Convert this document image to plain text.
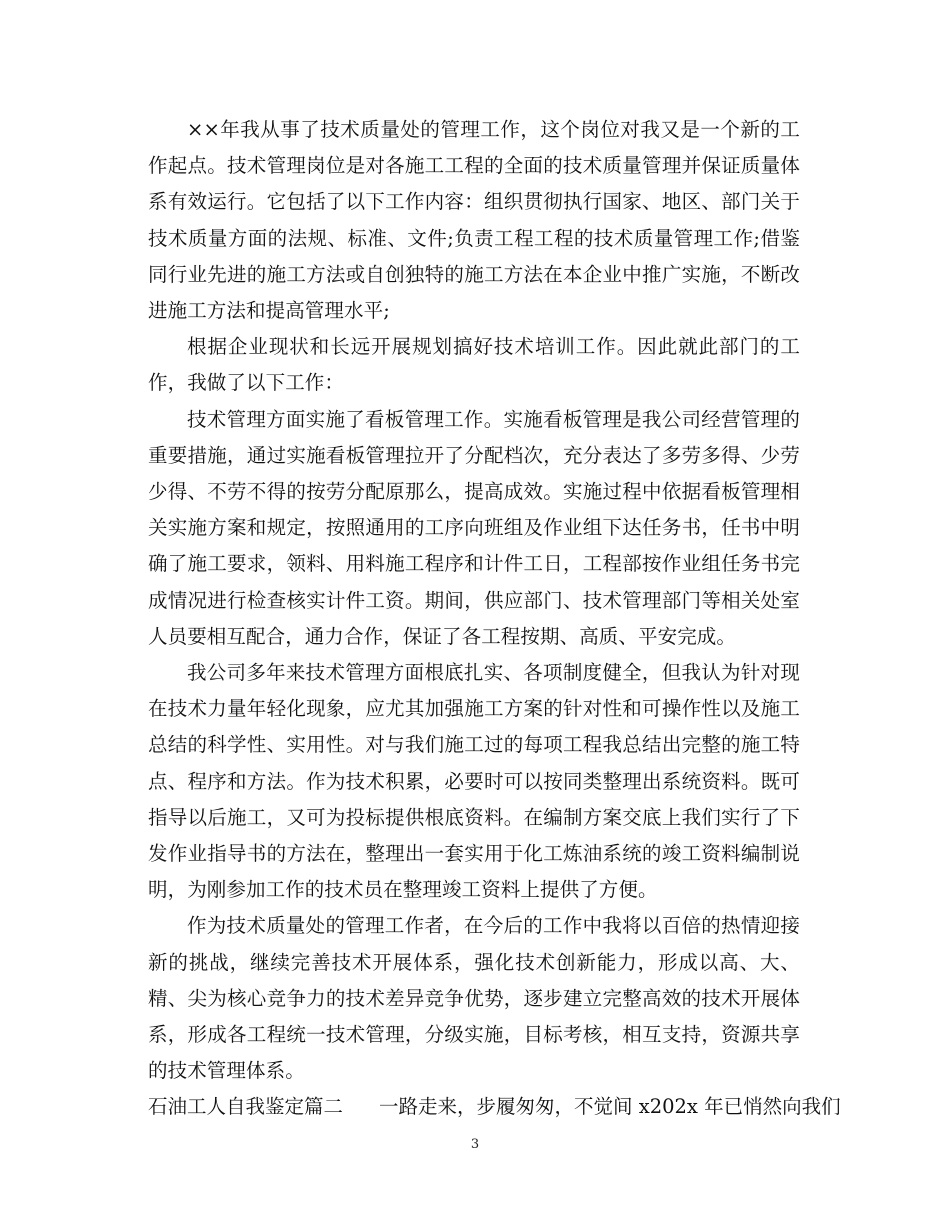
××年我从事了技术质量处的管理工作，这个岗位对我又是一个新的工作起点。技术管理岗位是对各施工工程的全面的技术质量管理并保证质量体系有效运行。它包括了以下工作内容：组织贯彻执行国家、地区、部门关于技术质量方面的法规、标准、文件;负责工程工程的技术质量管理工作;借鉴同行业先进的施工方法或自创独特的施工方法在本企业中推广实施，不断改进施工方法和提高管理水平;

根据企业现状和长远开展规划搞好技术培训工作。因此就此部门的工作，我做了以下工作：

技术管理方面实施了看板管理工作。实施看板管理是我公司经营管理的重要措施，通过实施看板管理拉开了分配档次，充分表达了多劳多得、少劳少得、不劳不得的按劳分配原那么，提高成效。实施过程中依据看板管理相关实施方案和规定，按照通用的工序向班组及作业组下达任务书，任书中明确了施工要求，领料、用料施工程序和计件工日，工程部按作业组任务书完成情况进行检查核实计件工资。期间，供应部门、技术管理部门等相关处室人员要相互配合，通力合作，保证了各工程按期、高质、平安完成。

我公司多年来技术管理方面根底扎实、各项制度健全，但我认为针对现在技术力量年轻化现象，应尤其加强施工方案的针对性和可操作性以及施工总结的科学性、实用性。对与我们施工过的每项工程我总结出完整的施工特点、程序和方法。作为技术积累，必要时可以按同类整理出系统资料。既可指导以后施工，又可为投标提供根底资料。在编制方案交底上我们实行了下发作业指导书的方法在，整理出一套实用于化工炼油系统的竣工资料编制说明，为刚参加工作的技术员在整理竣工资料上提供了方便。

作为技术质量处的管理工作者，在今后的工作中我将以百倍的热情迎接新的挑战，继续完善技术开展体系，强化技术创新能力，形成以高、大、精、尖为核心竞争力的技术差异竞争优势，逐步建立完整高效的技术开展体系，形成各工程统一技术管理，分级实施，目标考核，相互支持，资源共享的技术管理体系。

石油工人自我鉴定篇二 一路走来，步履匆匆，不觉间 x202x 年已悄然向我们

3
